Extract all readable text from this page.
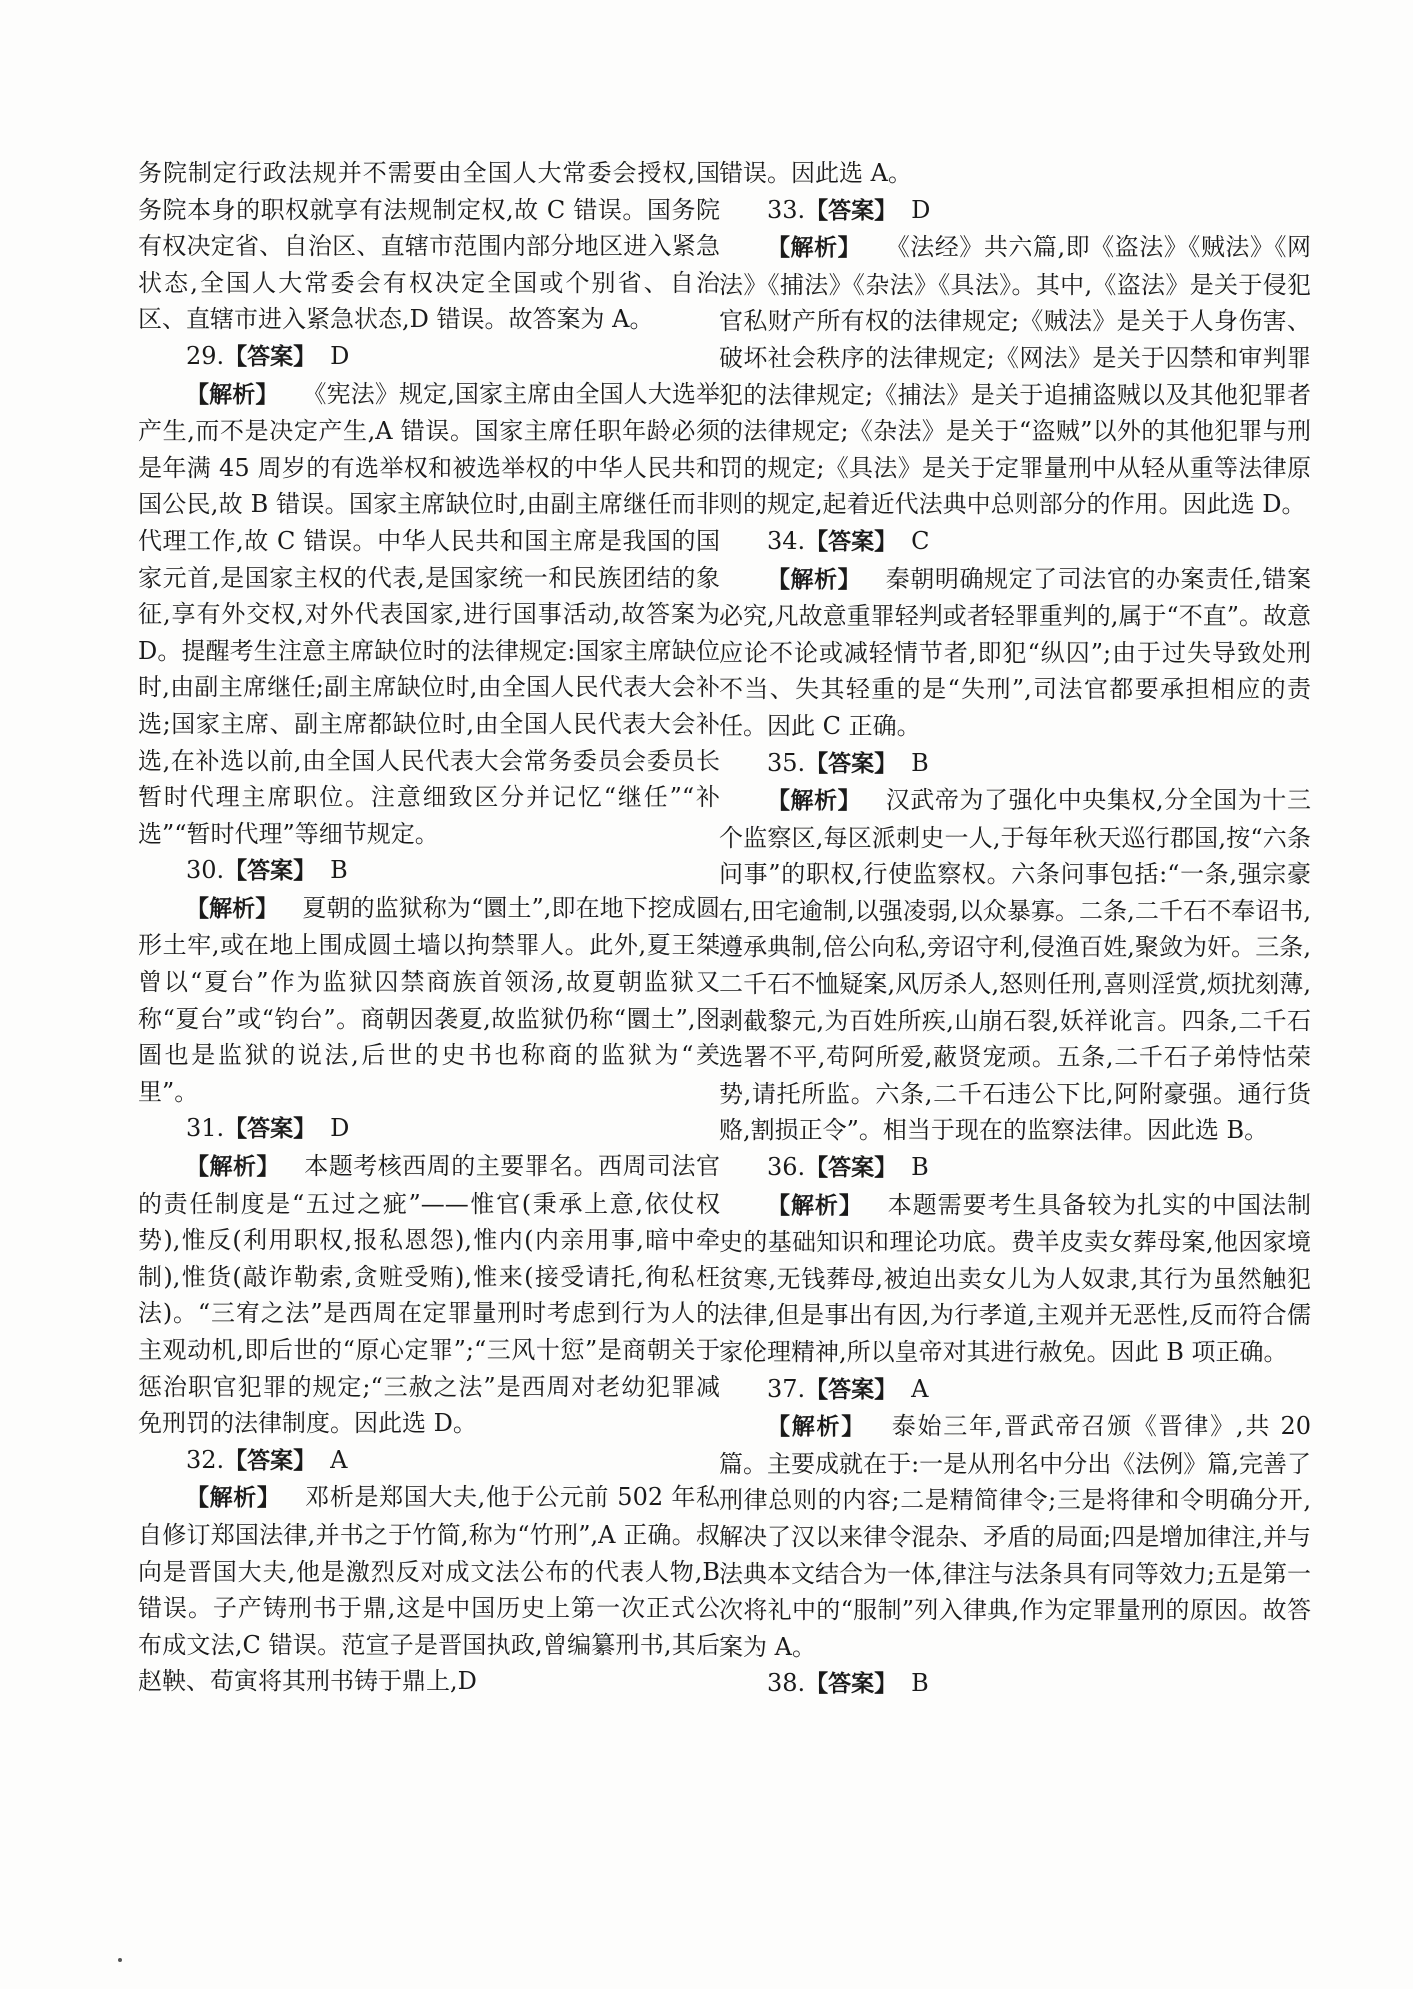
务院制定行政法规并不需要由全国人大常委会授权,国务院本身的职权就享有法规制定权,故 C 错误。国务院有权决定省、自治区、直辖市范围内部分地区进入紧急状态,全国人大常委会有权决定全国或个别省、自治区、直辖市进入紧急状态,D 错误。故答案为 A。

29.【答案】 D

【解析】  《宪法》规定,国家主席由全国人大选举产生,而不是决定产生,A 错误。国家主席任职年龄必须是年满 45 周岁的有选举权和被选举权的中华人民共和国公民,故 B 错误。国家主席缺位时,由副主席继任而非代理工作,故 C 错误。中华人民共和国主席是我国的国家元首,是国家主权的代表,是国家统一和民族团结的象征,享有外交权,对外代表国家,进行国事活动,故答案为 D。提醒考生注意主席缺位时的法律规定:国家主席缺位时,由副主席继任;副主席缺位时,由全国人民代表大会补选;国家主席、副主席都缺位时,由全国人民代表大会补选,在补选以前,由全国人民代表大会常务委员会委员长暂时代理主席职位。注意细致区分并记忆“继任”“补选”“暂时代理”等细节规定。

30.【答案】 B

【解析】  夏朝的监狱称为“圜土”,即在地下挖成圆形土牢,或在地上围成圆土墙以拘禁罪人。此外,夏王桀曾以“夏台”作为监狱囚禁商族首领汤,故夏朝监狱又称“夏台”或“钧台”。商朝因袭夏,故监狱仍称“圜土”,囹圄也是监狱的说法,后世的史书也称商的监狱为“羑里”。

31.【答案】 D

【解析】  本题考核西周的主要罪名。西周司法官的责任制度是“五过之疵”——惟官(秉承上意,依仗权势),惟反(利用职权,报私恩怨),惟内(内亲用事,暗中牵制),惟货(敲诈勒索,贪赃受贿),惟来(接受请托,徇私枉法)。“三宥之法”是西周在定罪量刑时考虑到行为人的主观动机,即后世的“原心定罪”;“三风十愆”是商朝关于惩治职官犯罪的规定;“三赦之法”是西周对老幼犯罪减免刑罚的法律制度。因此选 D。

32.【答案】 A

【解析】  邓析是郑国大夫,他于公元前 502 年私自修订郑国法律,并书之于竹简,称为“竹刑”,A 正确。叔向是晋国大夫,他是激烈反对成文法公布的代表人物,B 错误。子产铸刑书于鼎,这是中国历史上第一次正式公布成文法,C 错误。范宣子是晋国执政,曾编纂刑书,其后赵鞅、荀寅将其刑书铸于鼎上,D

错误。因此选 A。

33.【答案】 D

【解析】  《法经》共六篇,即《盗法》《贼法》《网法》《捕法》《杂法》《具法》。其中,《盗法》是关于侵犯官私财产所有权的法律规定;《贼法》是关于人身伤害、破坏社会秩序的法律规定;《网法》是关于囚禁和审判罪犯的法律规定;《捕法》是关于追捕盗贼以及其他犯罪者的法律规定;《杂法》是关于“盗贼”以外的其他犯罪与刑罚的规定;《具法》是关于定罪量刑中从轻从重等法律原则的规定,起着近代法典中总则部分的作用。因此选 D。

34.【答案】 C

【解析】  秦朝明确规定了司法官的办案责任,错案必究,凡故意重罪轻判或者轻罪重判的,属于“不直”。故意应论不论或减轻情节者,即犯“纵囚”;由于过失导致处刑不当、失其轻重的是“失刑”,司法官都要承担相应的责任。因此 C 正确。

35.【答案】 B

【解析】  汉武帝为了强化中央集权,分全国为十三个监察区,每区派刺史一人,于每年秋天巡行郡国,按“六条问事”的职权,行使监察权。六条问事包括:“一条,强宗豪右,田宅逾制,以强凌弱,以众暴寡。二条,二千石不奉诏书,遵承典制,倍公向私,旁诏守利,侵渔百姓,聚敛为奸。三条,二千石不恤疑案,风厉杀人,怒则任刑,喜则淫赏,烦扰刻薄,剥截黎元,为百姓所疾,山崩石裂,妖祥讹言。四条,二千石选署不平,苟阿所爱,蔽贤宠顽。五条,二千石子弟恃怙荣势,请托所监。六条,二千石违公下比,阿附豪强。通行货赂,割损正令”。相当于现在的监察法律。因此选 B。

36.【答案】 B

【解析】  本题需要考生具备较为扎实的中国法制史的基础知识和理论功底。费羊皮卖女葬母案,他因家境贫寒,无钱葬母,被迫出卖女儿为人奴隶,其行为虽然触犯法律,但是事出有因,为行孝道,主观并无恶性,反而符合儒家伦理精神,所以皇帝对其进行赦免。因此 B 项正确。

37.【答案】 A

【解析】  泰始三年,晋武帝召颁《晋律》,共 20 篇。主要成就在于:一是从刑名中分出《法例》篇,完善了刑律总则的内容;二是精简律令;三是将律和令明确分开,解决了汉以来律令混杂、矛盾的局面;四是增加律注,并与法典本文结合为一体,律注与法条具有同等效力;五是第一次将礼中的“服制”列入律典,作为定罪量刑的原因。故答案为 A。

38.【答案】 B
